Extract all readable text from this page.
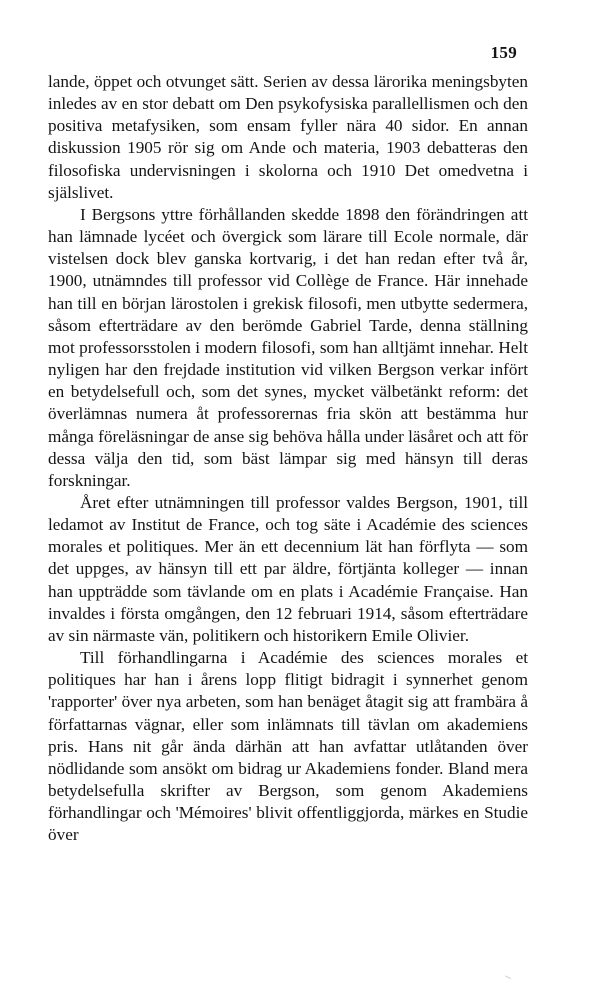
159

lande, öppet och otvunget sätt. Serien av dessa lärorika meningsbyten inledes av en stor debatt om Den psykofysiska parallellismen och den positiva metafysiken, som ensam fyller nära 40 sidor. En annan diskussion 1905 rör sig om Ande och materia, 1903 debatteras den filosofiska undervisningen i skolorna och 1910 Det omedvetna i själslivet.

I Bergsons yttre förhållanden skedde 1898 den förändringen att han lämnade lycéet och övergick som lärare till Ecole normale, där vistelsen dock blev ganska kortvarig, i det han redan efter två år, 1900, utnämndes till professor vid Collège de France. Här innehade han till en början lärostolen i grekisk filosofi, men utbytte sedermera, såsom efterträdare av den berömde Gabriel Tarde, denna ställning mot professorsstolen i modern filosofi, som han alltjämt innehar. Helt nyligen har den frejdade institution vid vilken Bergson verkar infört en betydelsefull och, som det synes, mycket välbetänkt reform: det överlämnas numera åt professorernas fria skön att bestämma hur många föreläsningar de anse sig behöva hålla under läsåret och att för dessa välja den tid, som bäst lämpar sig med hänsyn till deras forskningar.

Året efter utnämningen till professor valdes Bergson, 1901, till ledamot av Institut de France, och tog säte i Académie des sciences morales et politiques. Mer än ett decennium lät han förflyta — som det uppges, av hänsyn till ett par äldre, förtjänta kolleger — innan han uppträdde som tävlande om en plats i Académie Française. Han invaldes i första omgången, den 12 februari 1914, såsom efterträdare av sin närmaste vän, politikern och historikern Emile Olivier.

Till förhandlingarna i Académie des sciences morales et politiques har han i årens lopp flitigt bidragit i synnerhet genom 'rapporter' över nya arbeten, som han benäget åtagit sig att frambära å författarnas vägnar, eller som inlämnats till tävlan om akademiens pris. Hans nit går ända därhän att han avfattar utlåtanden över nödlidande som ansökt om bidrag ur Akademiens fonder. Bland mera betydelsefulla skrifter av Bergson, som genom Akademiens förhandlingar och 'Mémoires' blivit offentliggjorda, märkes en Studie över
